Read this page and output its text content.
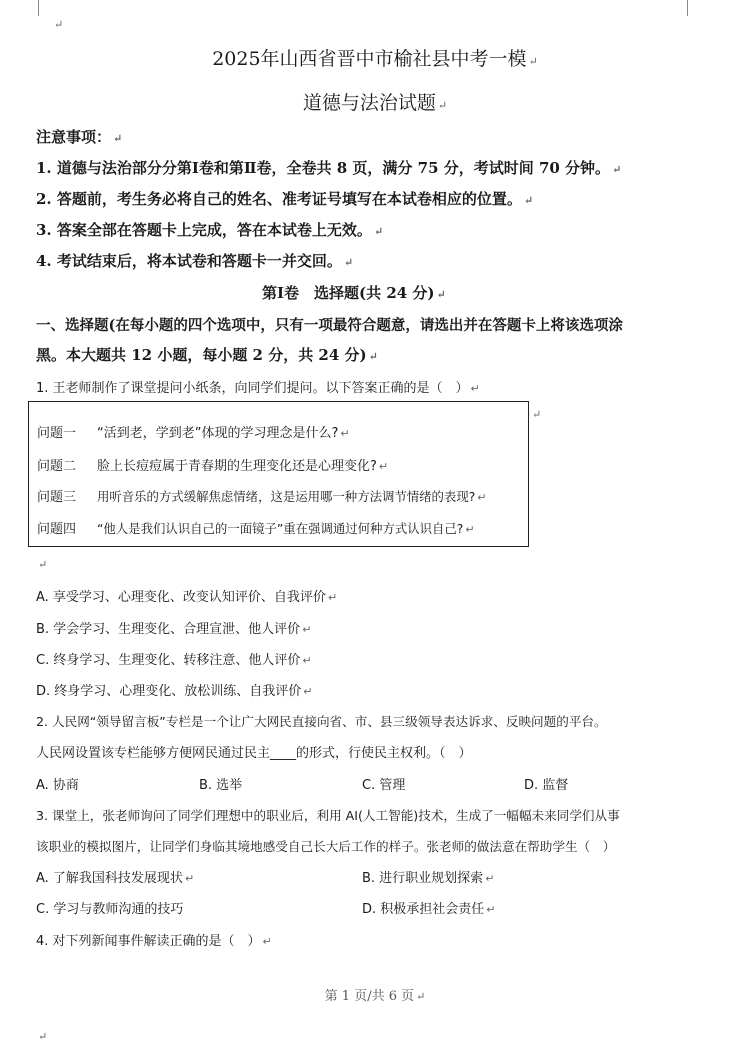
↵
2025年山西省晋中市榆社县中考一模 ↵
道德与法治试题 ↵
注意事项： ↵
1. 道德与法治部分分第Ⅰ卷和第Ⅱ卷，全卷共 8 页，满分 75 分，考试时间 70 分钟。 ↵
2. 答题前，考生务必将自己的姓名、准考证号填写在本试卷相应的位置。 ↵
3. 答案全部在答题卡上完成，答在本试卷上无效。 ↵
4. 考试结束后，将本试卷和答题卡一并交回。 ↵
第Ⅰ卷　选择题(共 24 分) ↵
一、选择题(在每小题的四个选项中，只有一项最符合题意，请选出并在答题卡上将该选项涂
黑。本大题共 12 小题，每小题 2 分，共 24 分) ↵
1. 王老师制作了课堂提问小纸条，向同学们提问。以下答案正确的是（　） ↵
问题一 “活到老，学到老”体现的学习理念是什么? ↵
问题二 脸上长痘痘属于青春期的生理变化还是心理变化? ↵
问题三 用听音乐的方式缓解焦虑情绪，这是运用哪一种方法调节情绪的表现? ↵
问题四 “他人是我们认识自己的一面镜子”重在强调通过何种方式认识自己? ↵
↵
↵
A. 享受学习、心理变化、改变认知评价、自我评价 ↵
B. 学会学习、生理变化、合理宣泄、他人评价 ↵
C. 终身学习、生理变化、转移注意、他人评价 ↵
D. 终身学习、心理变化、放松训练、自我评价 ↵
2. 人民网“领导留言板”专栏是一个让广大网民直接向省、市、县三级领导表达诉求、反映问题的平台。
人民网设置该专栏能够方便网民通过民主____的形式，行使民主权利。（　）
A. 协商	B. 选举	C. 管理	D. 监督
3. 课堂上，张老师询问了同学们理想中的职业后，利用 AI(人工智能)技术，生成了一幅幅未来同学们从事
该职业的模拟图片，让同学们身临其境地感受自己长大后工作的样子。张老师的做法意在帮助学生（　）
A. 了解我国科技发展现状 ↵	B. 进行职业规划探索 ↵
C. 学习与教师沟通的技巧	D. 积极承担社会责任 ↵
4. 对下列新闻事件解读正确的是（　） ↵
第 1 页/共 6 页 ↵
↵
